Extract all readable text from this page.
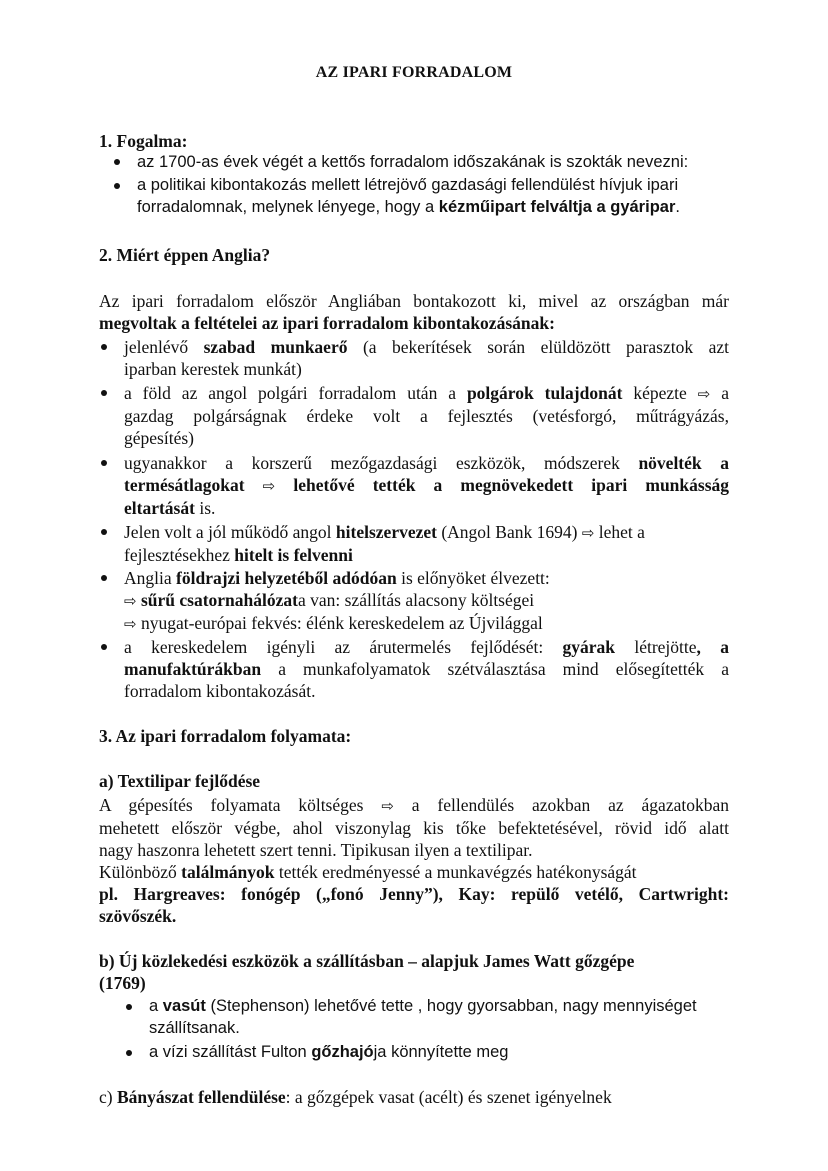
AZ IPARI FORRADALOM
1. Fogalma:
az 1700-as évek végét a kettős forradalom időszakának is szokták nevezni:
a politikai kibontakozás mellett létrejövő gazdasági fellendülést hívjuk ipari
forradalomnak, melynek lényege, hogy a kézműipart felváltja a gyáripar.
2. Miért éppen Anglia?
Az ipari forradalom először Angliában bontakozott ki, mivel az országban már
megvoltak a feltételei az ipari forradalom kibontakozásának:
jelenlévő szabad munkaerő (a bekerítések során elüldözött parasztok azt
iparban kerestek munkát)
a föld az angol polgári forradalom után a polgárok tulajdonát képezte ⇨ a
gazdag polgárságnak érdeke volt a fejlesztés (vetésforgó, műtrágyázás,
gépesítés)
ugyanakkor a korszerű mezőgazdasági eszközök, módszerek növelték a
termésátlagokat ⇨ lehetővé tették a megnövekedett ipari munkásság
eltartását is.
Jelen volt a jól működő angol hitelszervezet (Angol Bank 1694) ⇨ lehet a
fejlesztésekhez hitelt is felvenni
Anglia földrajzi helyzetéből adódóan is előnyöket élvezett:
⇨ sűrű csatornahálózata van: szállítás alacsony költségei
⇨ nyugat-európai fekvés: élénk kereskedelem az Újvilággal
a kereskedelem igényli az árutermelés fejlődését: gyárak létrejötte, a
manufaktúrákban a munkafolyamatok szétválasztása mind elősegítették a
forradalom kibontakozását.
3. Az ipari forradalom folyamata:
a) Textilipar fejlődése
A gépesítés folyamata költséges ⇨ a fellendülés azokban az ágazatokban
mehetett először végbe, ahol viszonylag kis tőke befektetésével, rövid idő alatt
nagy haszonra lehetett szert tenni. Tipikusan ilyen a textilipar.
Különböző találmányok tették eredményessé a munkavégzés hatékonyságát
pl. Hargreaves: fonógép („fonó Jenny”), Kay: repülő vetélő, Cartwright:
szövőszék.
b) Új közlekedési eszközök a szállításban – alapjuk James Watt gőzgépe
(1769)
a vasút (Stephenson) lehetővé tette , hogy gyorsabban, nagy mennyiséget
szállítsanak.
a vízi szállítást Fulton gőzhajója könnyítette meg
c) Bányászat fellendülése: a gőzgépek vasat (acélt) és szenet igényelnek
